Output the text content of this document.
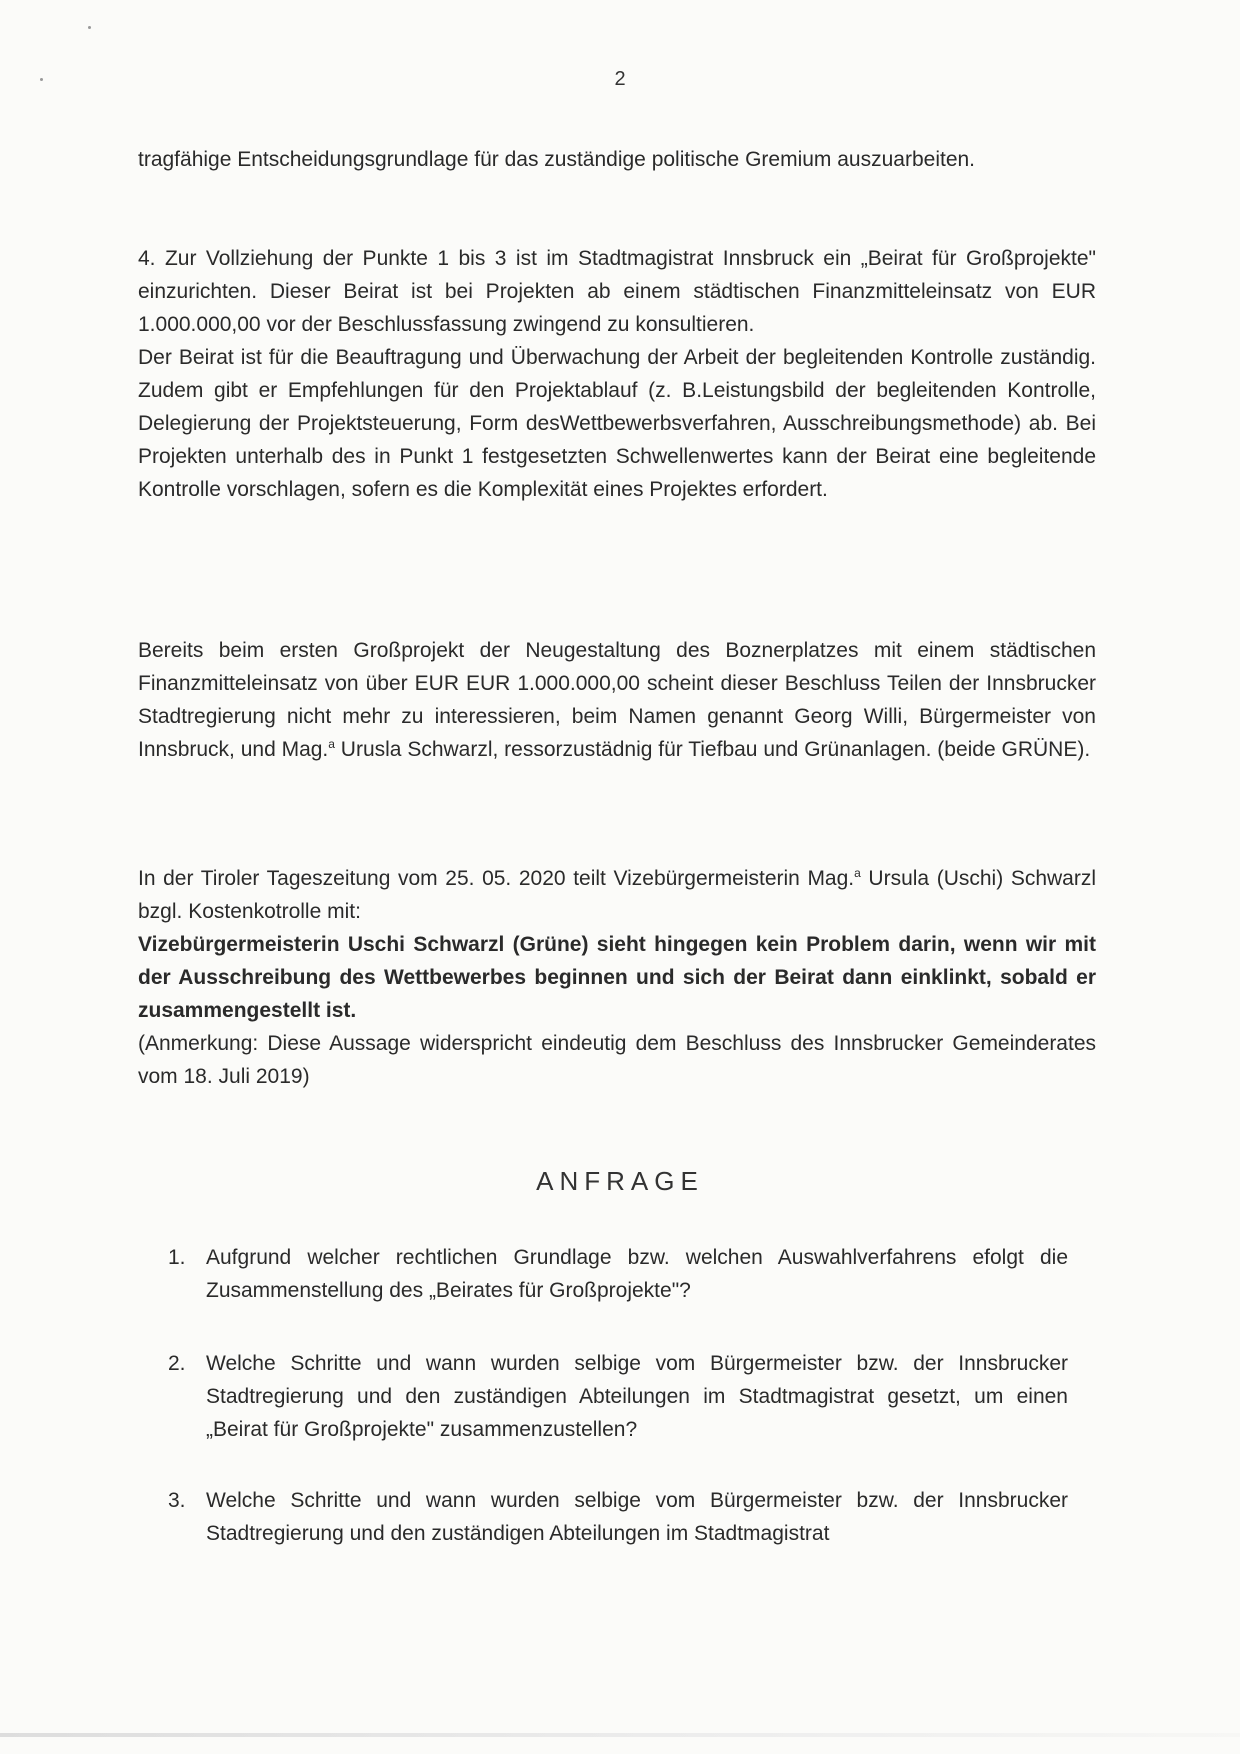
2

tragfähige Entscheidungsgrundlage für das zuständige politische Gremium auszuarbeiten.

4. Zur Vollziehung der Punkte 1 bis 3 ist im Stadtmagistrat Innsbruck ein „Beirat für Großprojekte" einzurichten. Dieser Beirat ist bei Projekten ab einem städtischen Finanzmitteleinsatz von EUR 1.000.000,00 vor der Beschlussfassung zwingend zu konsultieren.

Der Beirat ist für die Beauftragung und Überwachung der Arbeit der begleitenden Kontrolle zuständig. Zudem gibt er Empfehlungen für den Projektablauf (z. B.Leistungsbild der begleitenden Kontrolle, Delegierung der Projektsteuerung, Form desWettbewerbsverfahren, Ausschreibungsmethode) ab. Bei Projekten unterhalb des in Punkt 1 festgesetzten Schwellenwertes kann der Beirat eine begleitende Kontrolle vorschlagen, sofern es die Komplexität eines Projektes erfordert.

Bereits beim ersten Großprojekt der Neugestaltung des Boznerplatzes mit einem städtischen Finanzmitteleinsatz von über EUR EUR 1.000.000,00 scheint dieser Beschluss Teilen der Innsbrucker Stadtregierung nicht mehr zu interessieren, beim Namen genannt Georg Willi, Bürgermeister von Innsbruck, und Mag.$^a$ Urusla Schwarzl, ressorzustädnig für Tiefbau und Grünanlagen. (beide GRÜNE).

In der Tiroler Tageszeitung vom 25. 05. 2020 teilt Vizebürgermeisterin Mag.$^a$ Ursula (Uschi) Schwarzl bzgl. Kostenkotrolle mit:

Vizebürgermeisterin Uschi Schwarzl (Grüne) sieht hingegen kein Problem darin, wenn wir mit der Ausschreibung des Wettbewerbes beginnen und sich der Beirat dann einklinkt, sobald er zusammengestellt ist.

(Anmerkung: Diese Aussage widerspricht eindeutig dem Beschluss des Innsbrucker Gemeinderates vom 18. Juli 2019)

ANFRAGE
1. Aufgrund welcher rechtlichen Grundlage bzw. welchen Auswahlverfahrens efolgt die Zusammenstellung des „Beirates für Großprojekte"?
2. Welche Schritte und wann wurden selbige vom Bürgermeister bzw. der Innsbrucker Stadtregierung und den zuständigen Abteilungen im Stadtmagistrat gesetzt, um einen „Beirat für Großprojekte" zusammenzustellen?
3. Welche Schritte und wann wurden selbige vom Bürgermeister bzw. der Innsbrucker Stadtregierung und den zuständigen Abteilungen im Stadtmagistrat
